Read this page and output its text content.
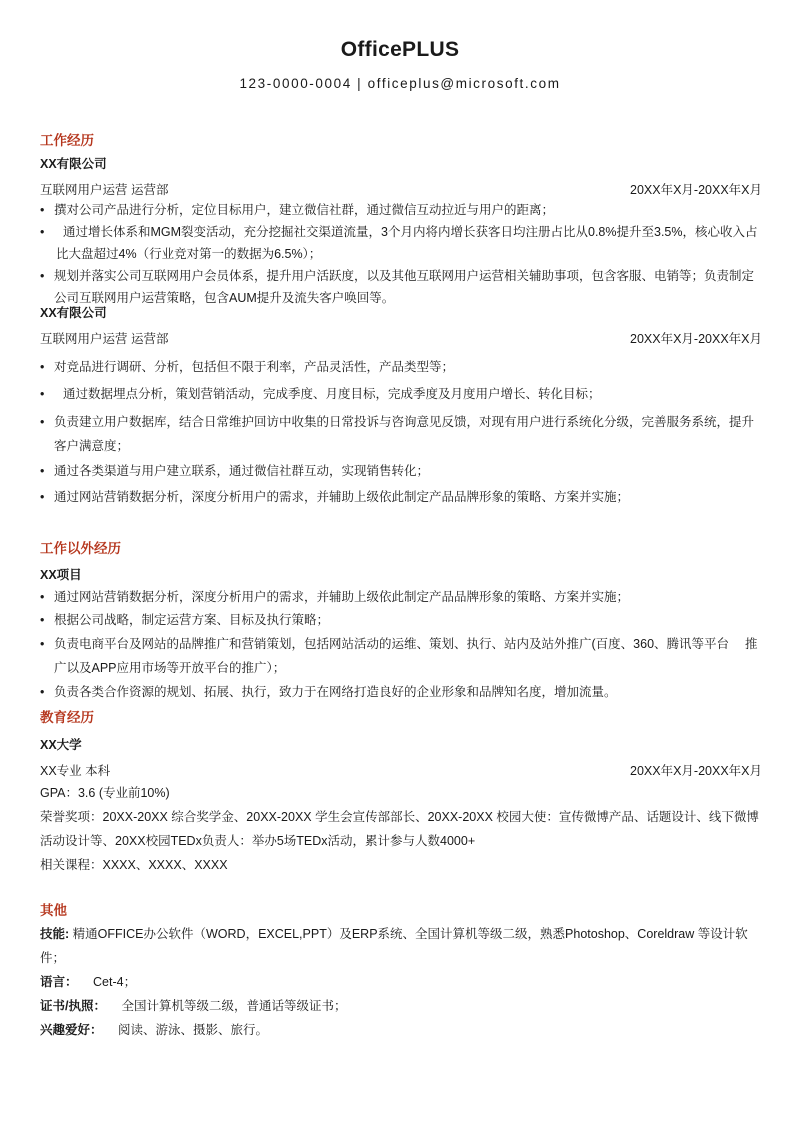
OfficePLUS
123-0000-0004 | officeplus@microsoft.com
工作经历
XX有限公司
互联网用户运营 运营部	20XX年X月-20XX年X月
• 撰对公司产品进行分析，定位目标用户，建立微信社群，通过微信互动拉近与用户的距离；
• 通过增长体系和MGM裂变活动，充分挖掘社交渠道流量，3个月内将内增长获客日均注册占比从0.8%提升至3.5%，核心收入占比大盘超过4%（行业竞对第一的数据为6.5%）；
• 规划并落实公司互联网用户会员体系，提升用户活跃度，以及其他互联网用户运营相关辅助事项，包含客服、电销等；负责制定公司互联网用户运营策略，包含AUM提升及流失客户唤回等。
XX有限公司
互联网用户运营 运营部	20XX年X月-20XX年X月
• 对竞品进行调研、分析，包括但不限于利率，产品灵活性，产品类型等；
• 通过数据埋点分析，策划营销活动，完成季度、月度目标，完成季度及月度用户增长、转化目标；
• 负责建立用户数据库，结合日常维护回访中收集的日常投诉与咨询意见反馈，对现有用户进行系统化分级，完善服务系统，提升客户满意度；
• 通过各类渠道与用户建立联系，通过微信社群互动，实现销售转化；
• 通过网站营销数据分析，深度分析用户的需求，并辅助上级依此制定产品品牌形象的策略、方案并实施；
工作以外经历
XX项目
• 通过网站营销数据分析，深度分析用户的需求，并辅助上级依此制定产品品牌形象的策略、方案并实施；
• 根据公司战略，制定运营方案、目标及执行策略；
• 负责电商平台及网站的品牌推广和营销策划，包括网站活动的运维、策划、执行、站内及站外推广(百度、360、腾讯等平台　 推广以及APP应用市场等开放平台的推广）；
• 负责各类合作资源的规划、拓展、执行，致力于在网络打造良好的企业形象和品牌知名度，增加流量。
教育经历
XX大学
XX专业 本科	20XX年X月-20XX年X月
GPA：3.6 (专业前10%)
荣誉奖项：20XX-20XX 综合奖学金、20XX-20XX 学生会宣传部部长、20XX-20XX 校园大使：宣传微博产品、话题设计、线下微博活动设计等、20XX校园TEDx负责人：举办5场TEDx活动，累计参与人数4000+
相关课程：XXXX、XXXX、XXXX
其他
技能: 精通OFFICE办公软件（WORD，EXCEL,PPT）及ERP系统、全国计算机等级二级，熟悉Photoshop、Coreldraw 等设计软件；
语言： Cet-4；
证书/执照： 全国计算机等级二级，普通话等级证书；
兴趣爱好： 阅读、游泳、摄影、旅行。
